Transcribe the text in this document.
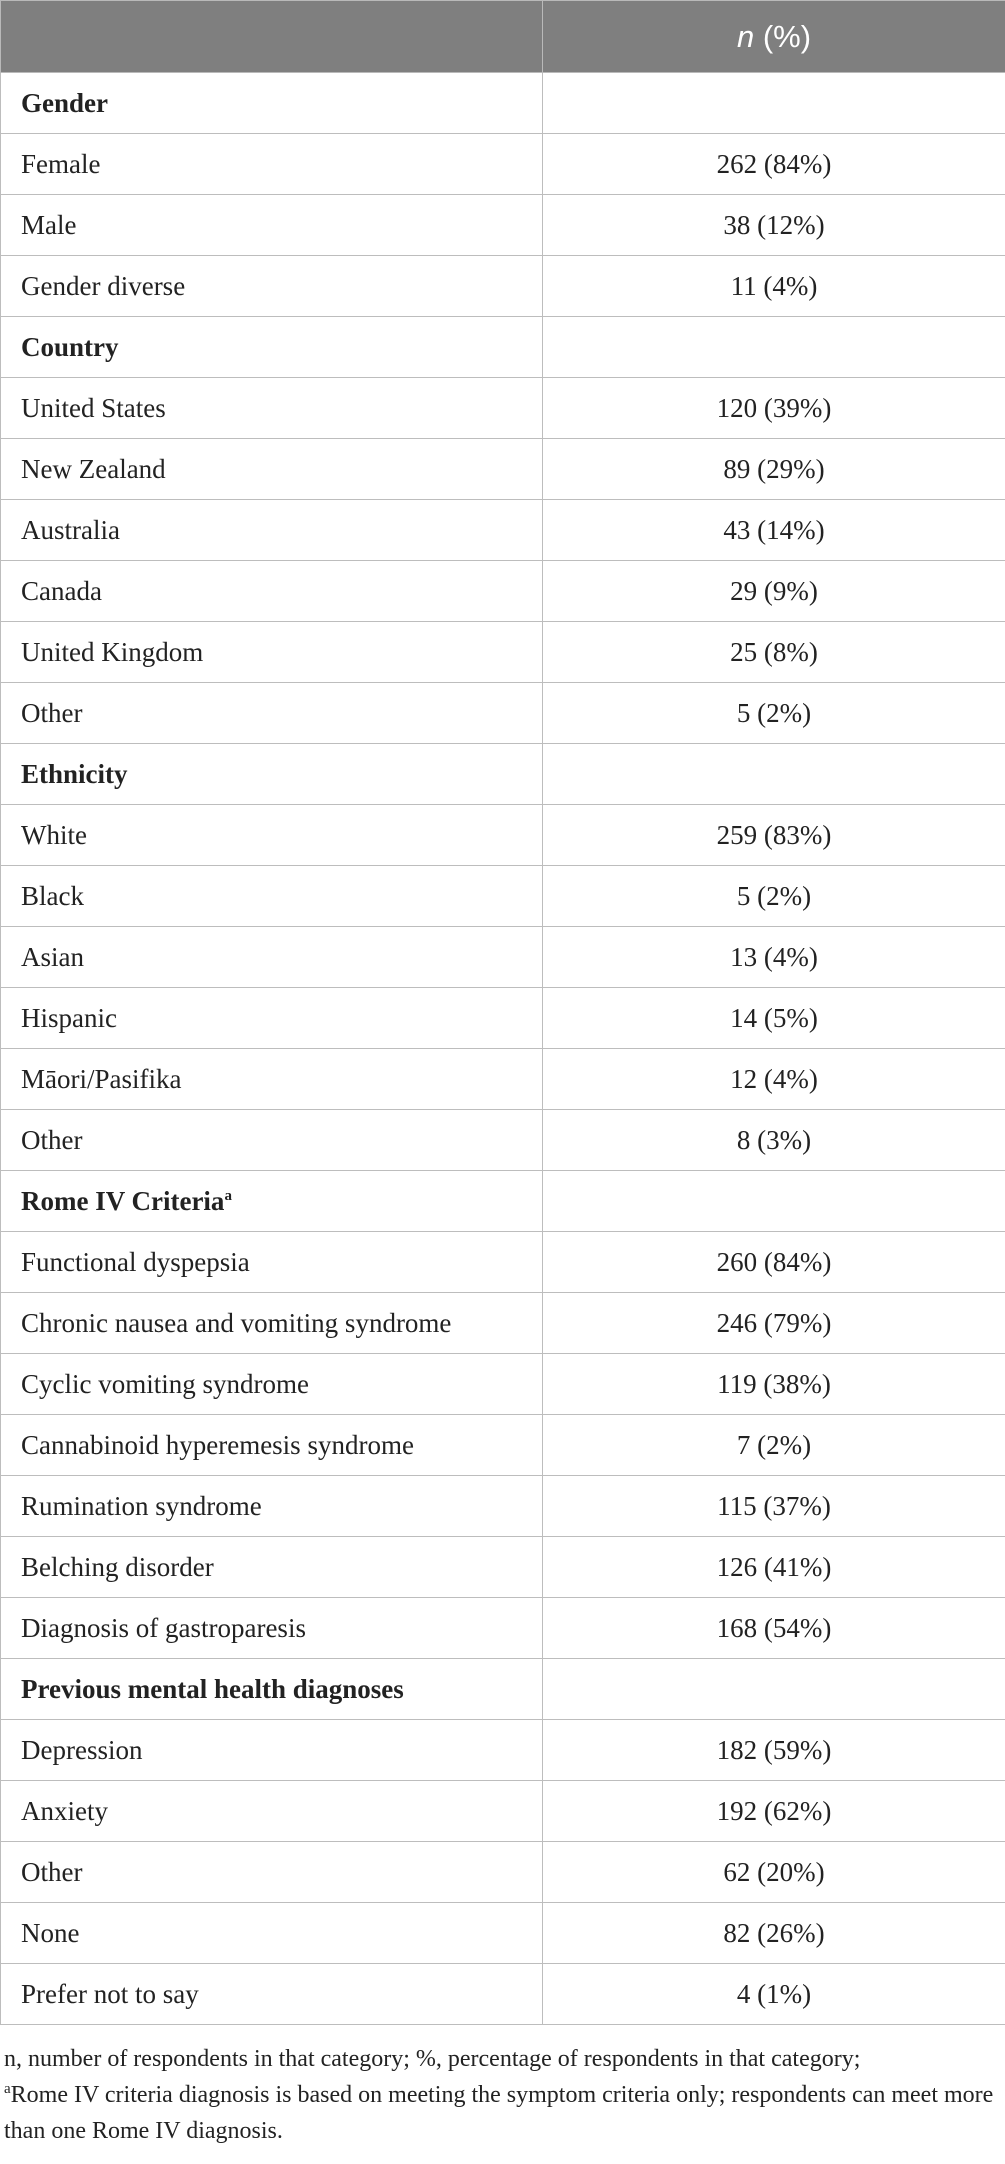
	n (%)
Gender	
Female	262 (84%)
Male	38 (12%)
Gender diverse	11 (4%)
Country	
United States	120 (39%)
New Zealand	89 (29%)
Australia	43 (14%)
Canada	29 (9%)
United Kingdom	25 (8%)
Other	5 (2%)
Ethnicity	
White	259 (83%)
Black	5 (2%)
Asian	13 (4%)
Hispanic	14 (5%)
Māori/Pasifika	12 (4%)
Other	8 (3%)
Rome IV Criteria$^a$	
Functional dyspepsia	260 (84%)
Chronic nausea and vomiting syndrome	246 (79%)
Cyclic vomiting syndrome	119 (38%)
Cannabinoid hyperemesis syndrome	7 (2%)
Rumination syndrome	115 (37%)
Belching disorder	126 (41%)
Diagnosis of gastroparesis	168 (54%)
Previous mental health diagnoses	
Depression	182 (59%)
Anxiety	192 (62%)
Other	62 (20%)
None	82 (26%)
Prefer not to say	4 (1%)

n, number of respondents in that category; %, percentage of respondents in that category;

$^a$Rome IV criteria diagnosis is based on meeting the symptom criteria only; respondents can meet more than one Rome IV diagnosis.
